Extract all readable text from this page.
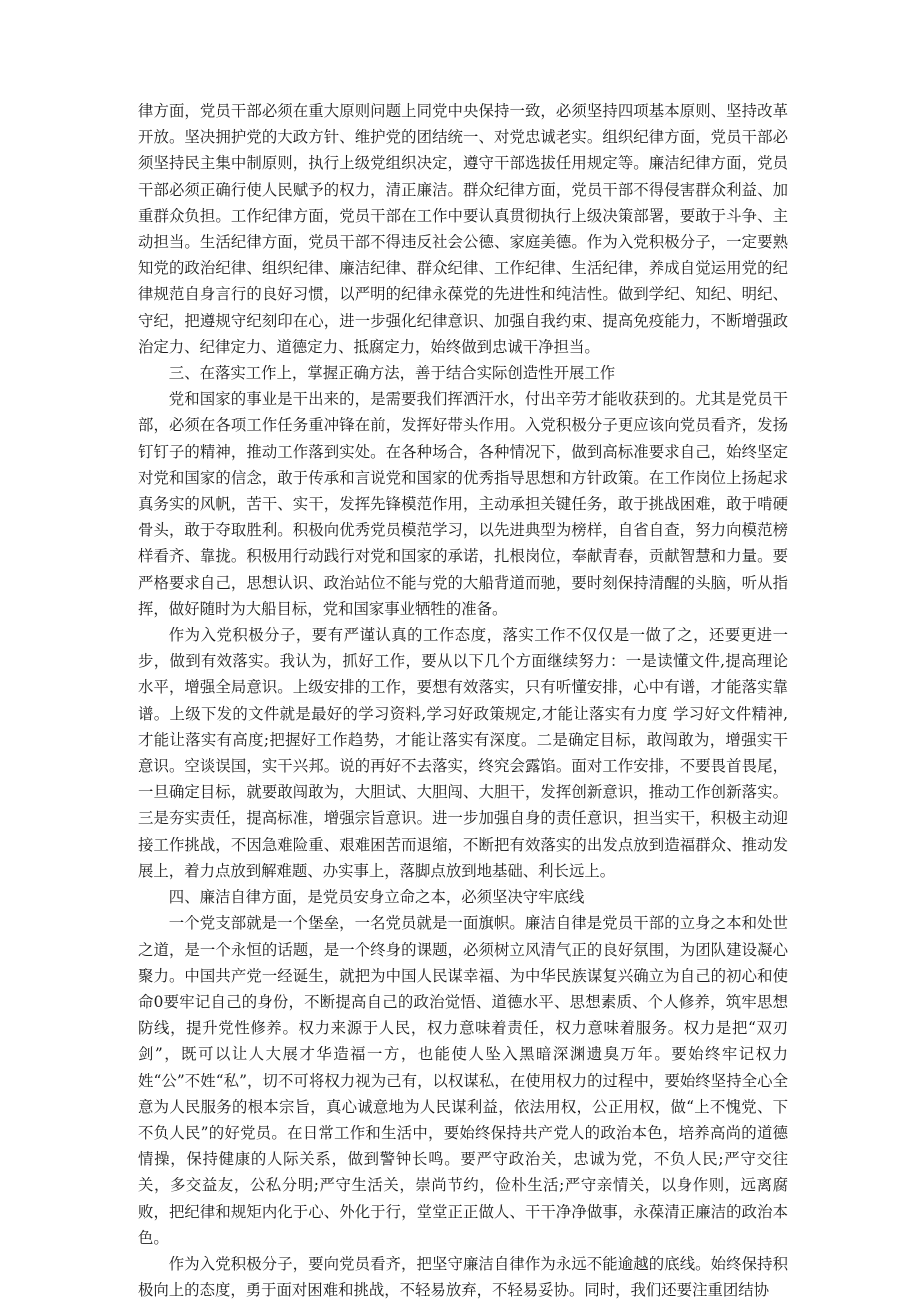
律方面，党员干部必须在重大原则问题上同党中央保持一致，必须坚持四项基本原则、坚持改革开放。坚决拥护党的大政方针、维护党的团结统一、对党忠诚老实。组织纪律方面，党员干部必须坚持民主集中制原则，执行上级党组织决定，遵守干部选拔任用规定等。廉洁纪律方面，党员干部必须正确行使人民赋予的权力，清正廉洁。群众纪律方面，党员干部不得侵害群众利益、加重群众负担。工作纪律方面，党员干部在工作中要认真贯彻执行上级决策部署，要敢于斗争、主动担当。生活纪律方面，党员干部不得违反社会公德、家庭美德。作为入党积极分子，一定要熟知党的政治纪律、组织纪律、廉洁纪律、群众纪律、工作纪律、生活纪律，养成自觉运用党的纪律规范自身言行的良好习惯，以严明的纪律永葆党的先进性和纯洁性。做到学纪、知纪、明纪、守纪，把遵规守纪刻印在心，进一步强化纪律意识、加强自我约束、提高免疫能力，不断增强政治定力、纪律定力、道德定力、抵腐定力，始终做到忠诚干净担当。

三、在落实工作上，掌握正确方法，善于结合实际创造性开展工作

党和国家的事业是干出来的，是需要我们挥洒汗水，付出辛劳才能收获到的。尤其是党员干部，必须在各项工作任务重冲锋在前，发挥好带头作用。入党积极分子更应该向党员看齐，发扬钉钉子的精神，推动工作落到实处。在各种场合，各种情况下，做到高标准要求自己，始终坚定对党和国家的信念，敢于传承和言说党和国家的优秀指导思想和方针政策。在工作岗位上扬起求真务实的风帆，苦干、实干，发挥先锋模范作用，主动承担关键任务，敢于挑战困难，敢于啃硬骨头，敢于夺取胜利。积极向优秀党员模范学习，以先进典型为榜样，自省自查，努力向模范榜样看齐、靠拢。积极用行动践行对党和国家的承诺，扎根岗位，奉献青春，贡献智慧和力量。要严格要求自己，思想认识、政治站位不能与党的大船背道而驰，要时刻保持清醒的头脑，听从指挥，做好随时为大船目标，党和国家事业牺牲的准备。

作为入党积极分子，要有严谨认真的工作态度，落实工作不仅仅是一做了之，还要更进一步，做到有效落实。我认为，抓好工作，要从以下几个方面继续努力：一是读懂文件,提高理论水平，增强全局意识。上级安排的工作，要想有效落实，只有听懂安排，心中有谱，才能落实靠谱。上级下发的文件就是最好的学习资料,学习好政策规定,才能让落实有力度 学习好文件精神,才能让落实有高度;把握好工作趋势，才能让落实有深度。二是确定目标，敢闯敢为，增强实干意识。空谈误国，实干兴邦。说的再好不去落实，终究会露馅。面对工作安排，不要畏首畏尾，一旦确定目标，就要敢闯敢为，大胆试、大胆闯、大胆干，发挥创新意识，推动工作创新落实。三是夯实责任，提高标准，增强宗旨意识。进一步加强自身的责任意识，担当实干，积极主动迎接工作挑战，不因急难险重、艰难困苦而退缩，不断把有效落实的出发点放到造福群众、推动发展上，着力点放到解难题、办实事上，落脚点放到地基础、利长远上。

四、廉洁自律方面，是党员安身立命之本，必须坚决守牢底线

一个党支部就是一个堡垒，一名党员就是一面旗帜。廉洁自律是党员干部的立身之本和处世之道，是一个永恒的话题，是一个终身的课题，必须树立风清气正的良好氛围，为团队建设凝心聚力。中国共产党一经诞生，就把为中国人民谋幸福、为中华民族谋复兴确立为自己的初心和使命0要牢记自己的身份，不断提高自己的政治觉悟、道德水平、思想素质、个人修养，筑牢思想防线，提升党性修养。权力来源于人民，权力意味着责任，权力意味着服务。权力是把“双刃剑”，既可以让人大展才华造福一方，也能使人坠入黑暗深渊遗臭万年。要始终牢记权力姓“公”不姓“私”，切不可将权力视为己有，以权谋私，在使用权力的过程中，要始终坚持全心全意为人民服务的根本宗旨，真心诚意地为人民谋利益，依法用权，公正用权，做“上不愧党、下不负人民”的好党员。在日常工作和生活中，要始终保持共产党人的政治本色，培养高尚的道德情操，保持健康的人际关系，做到警钟长鸣。要严守政治关，忠诚为党，不负人民;严守交往关，多交益友，公私分明;严守生活关，崇尚节约，俭朴生活;严守亲情关，以身作则，远离腐败，把纪律和规矩内化于心、外化于行，堂堂正正做人、干干净净做事，永葆清正廉洁的政治本色。

作为入党积极分子，要向党员看齐，把坚守廉洁自律作为永远不能逾越的底线。始终保持积极向上的态度，勇于面对困难和挑战，不轻易放弃，不轻易妥协。同时，我们还要注重团结协
